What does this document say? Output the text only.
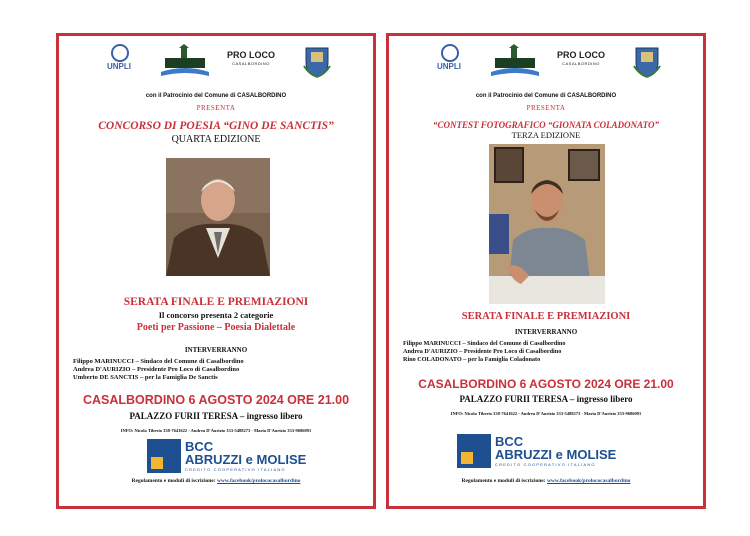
UNPLI
PRO LOCO
CASALBORDINO
con il Patrocinio del Comune di CASALBORDINO
PRESENTA
CONCORSO DI POESIA “GINO DE SANCTIS”
QUARTA EDIZIONE
SERATA FINALE E PREMIAZIONI
Il concorso presenta 2 categorie
Poeti per Passione – Poesia Dialettale
INTERVERRANNO
Filippo MARINUCCI – Sindaco del Comune di Casalbordino
Andrea D'AURIZIO – Presidente Pro Loco di Casalbordino
Umberto DE SANCTIS – per la Famiglia De Sanctis
CASALBORDINO 6 AGOSTO 2024 ORE 21.00
PALAZZO FURII TERESA – ingresso libero
INFO: Nicola Tiberio 338-7641622 - Andrea D'Aurizio 333-5488273 - Maria D'Aurizio 333-9686091
BCC
ABRUZZI e MOLISE
CREDITO COOPERATIVO ITALIANO
Regolamento e moduli di iscrizione: www.facebook/prolococasalbordino
UNPLI
PRO LOCO
CASALBORDINO
con il Patrocinio del Comune di CASALBORDINO
PRESENTA
“CONTEST FOTOGRAFICO “GIONATA COLADONATO”
TERZA EDIZIONE
SERATA FINALE E PREMIAZIONI
INTERVERRANNO
Filippo MARINUCCI – Sindaco del Comune di Casalbordino
Andrea D'AURIZIO – Presidente Pro Loco di Casalbordino
Rino COLADONATO – per la Famiglia Coladonato
CASALBORDINO 6 AGOSTO 2024 ORE 21.00
PALAZZO FURII TERESA – ingresso libero
INFO: Nicola Tiberio 338-7641622 - Andrea D'Aurizio 333-5488273 - Maria D'Aurizio 333-9686091
BCC
ABRUZZI e MOLISE
CREDITO COOPERATIVO ITALIANO
Regolamento e moduli di iscrizione: www.facebook/prolococasalbordino
